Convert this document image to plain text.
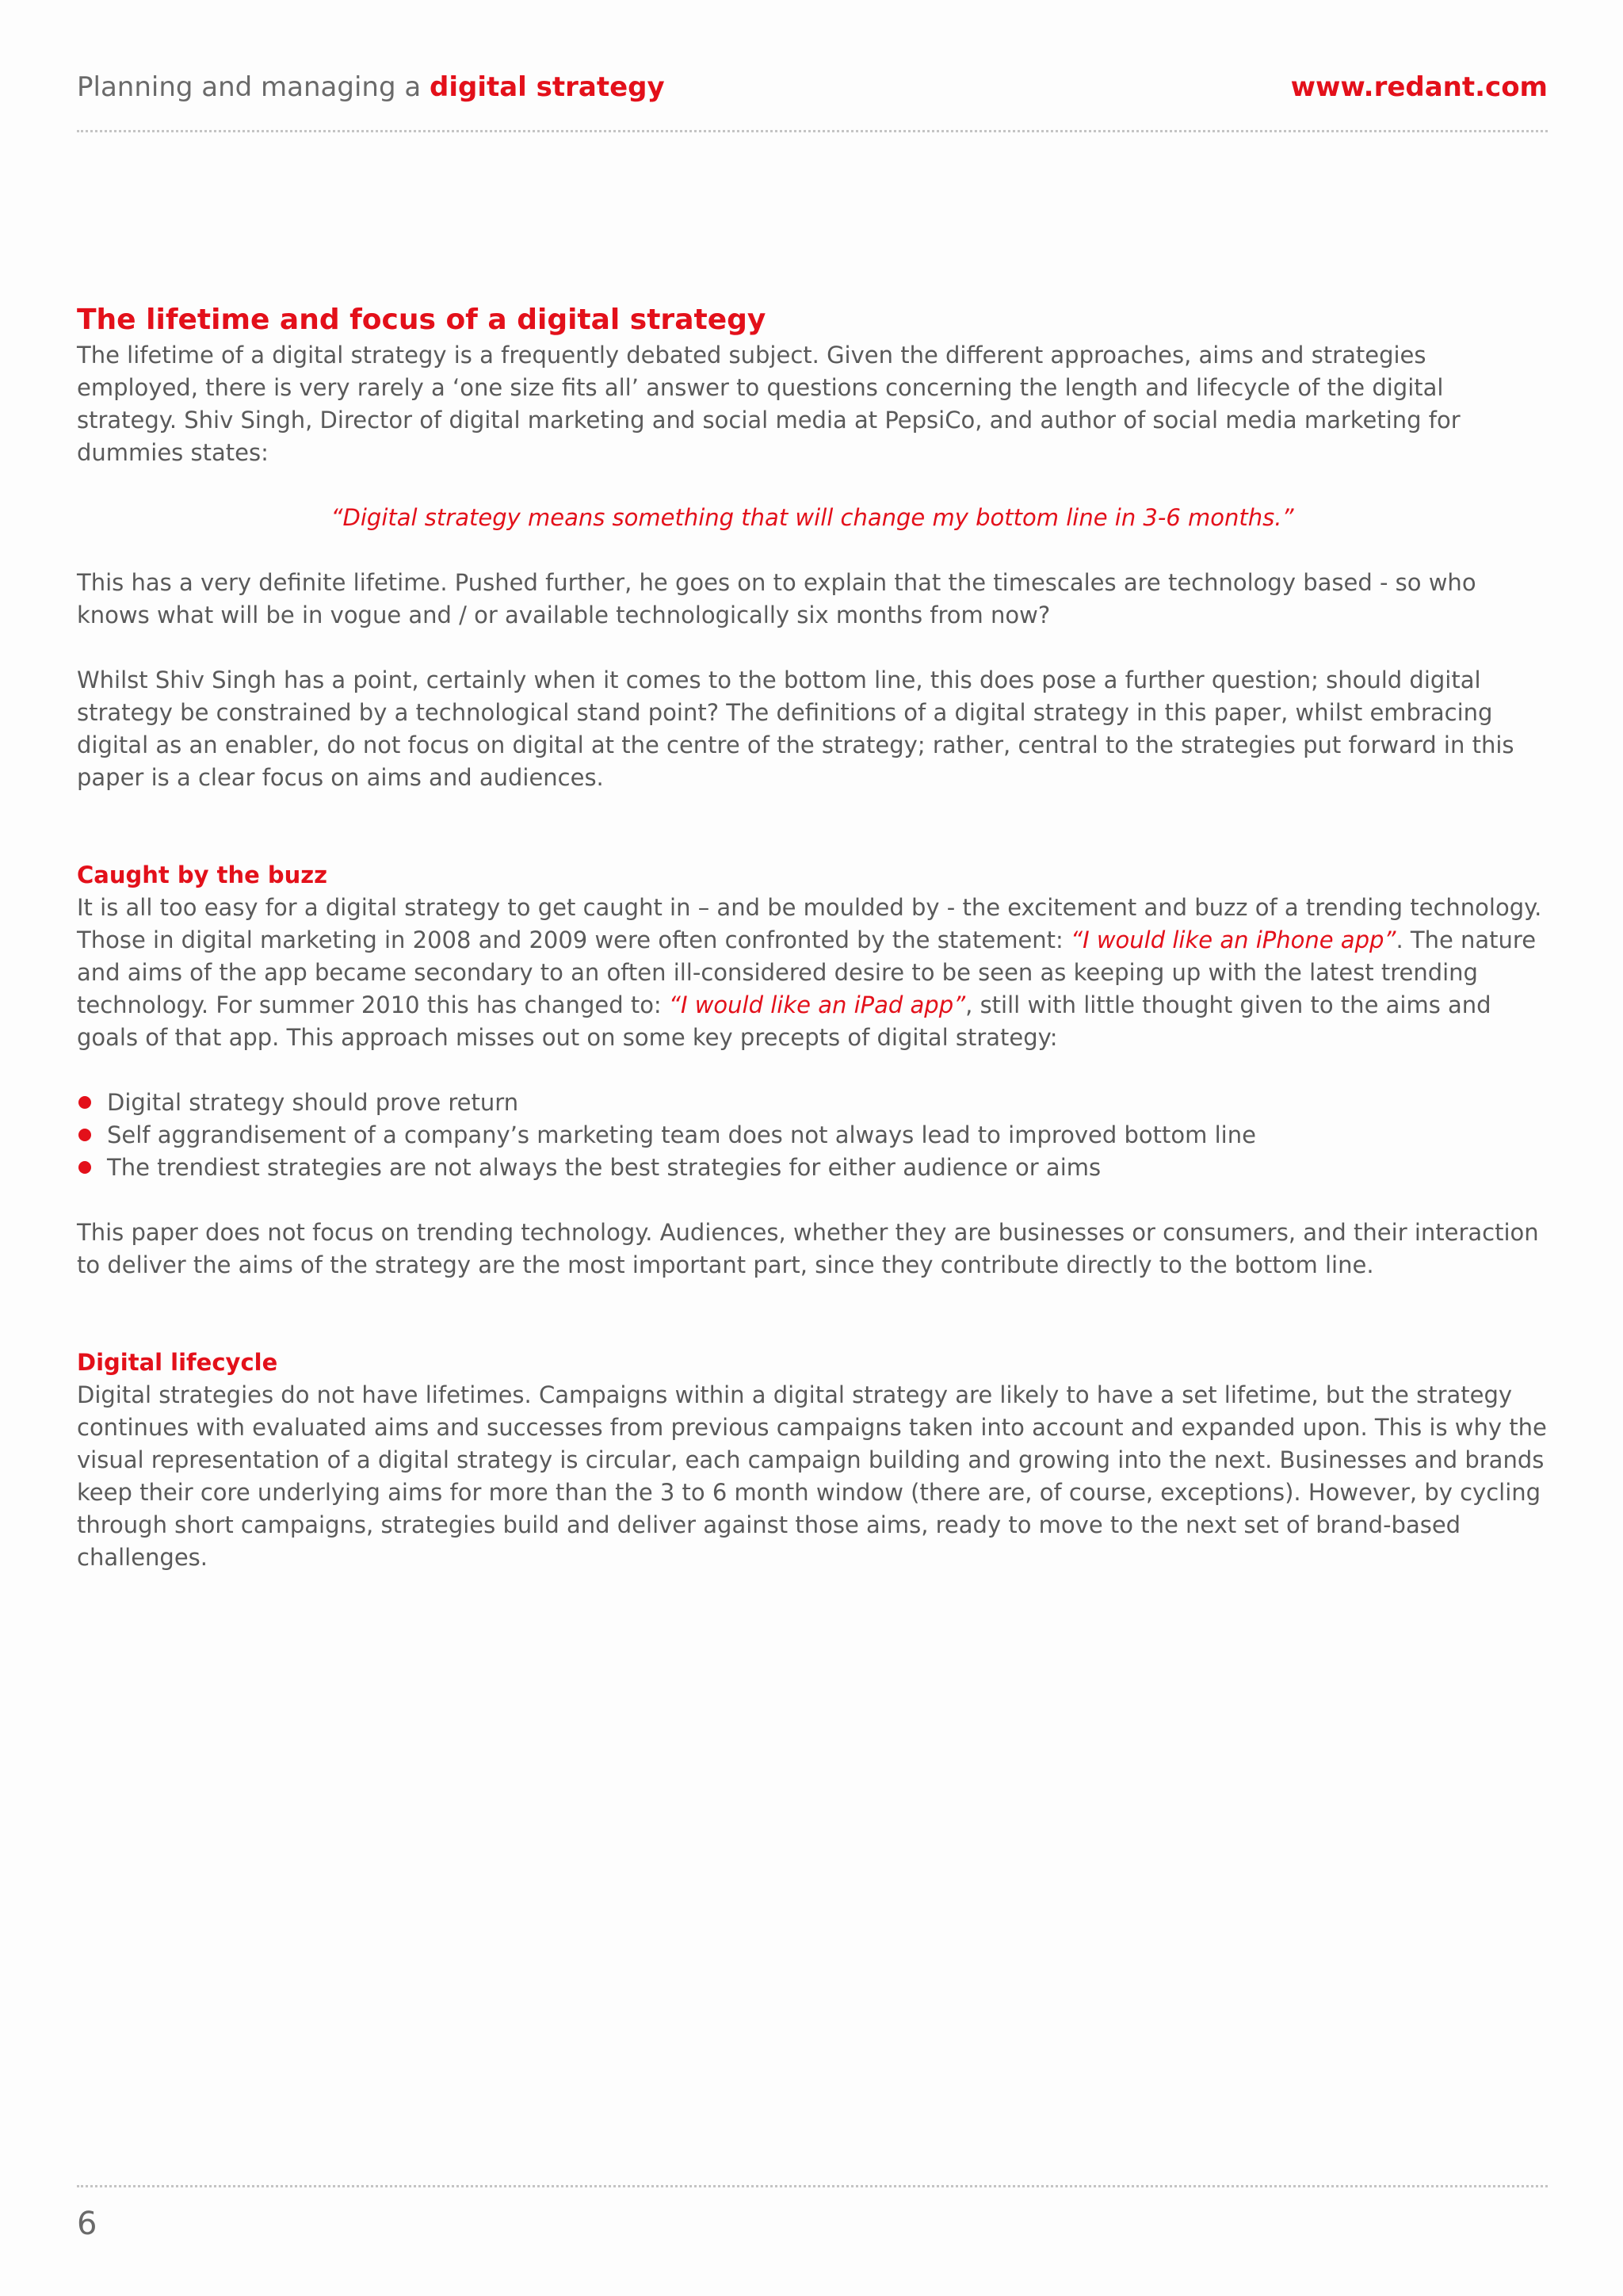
Planning and managing a digital strategy	www.redant.com

The lifetime and focus of a digital strategy

The lifetime of a digital strategy is a frequently debated subject. Given the different approaches, aims and strategies employed, there is very rarely a ‘one size fits all’ answer to questions concerning the length and lifecycle of the digital strategy. Shiv Singh, Director of digital marketing and social media at PepsiCo, and author of social media marketing for dummies states:

“Digital strategy means something that will change my bottom line in 3-6 months.”

This has a very definite lifetime. Pushed further, he goes on to explain that the timescales are technology based - so who knows what will be in vogue and / or available technologically six months from now?

Whilst Shiv Singh has a point, certainly when it comes to the bottom line, this does pose a further question; should digital strategy be constrained by a technological stand point? The definitions of a digital strategy in this paper, whilst embracing digital as an enabler, do not focus on digital at the centre of the strategy; rather, central to the strategies put forward in this paper is a clear focus on aims and audiences.

Caught by the buzz

It is all too easy for a digital strategy to get caught in – and be moulded by - the excitement and buzz of a trending technology. Those in digital marketing in 2008 and 2009 were often confronted by the statement: “I would like an iPhone app”. The nature and aims of the app became secondary to an often ill-considered desire to be seen as keeping up with the latest trending technology. For summer 2010 this has changed to: “I would like an iPad app”, still with little thought given to the aims and goals of that app. This approach misses out on some key precepts of digital strategy:

Digital strategy should prove return
Self aggrandisement of a company’s marketing team does not always lead to improved bottom line
The trendiest strategies are not always the best strategies for either audience or aims

This paper does not focus on trending technology. Audiences, whether they are businesses or consumers, and their interaction to deliver the aims of the strategy are the most important part, since they contribute directly to the bottom line.

Digital lifecycle

Digital strategies do not have lifetimes. Campaigns within a digital strategy are likely to have a set lifetime, but the strategy continues with evaluated aims and successes from previous campaigns taken into account and expanded upon. This is why the visual representation of a digital strategy is circular, each campaign building and growing into the next. Businesses and brands keep their core underlying aims for more than the 3 to 6 month window (there are, of course, exceptions). However, by cycling through short campaigns, strategies build and deliver against those aims, ready to move to the next set of brand-based challenges.

6
